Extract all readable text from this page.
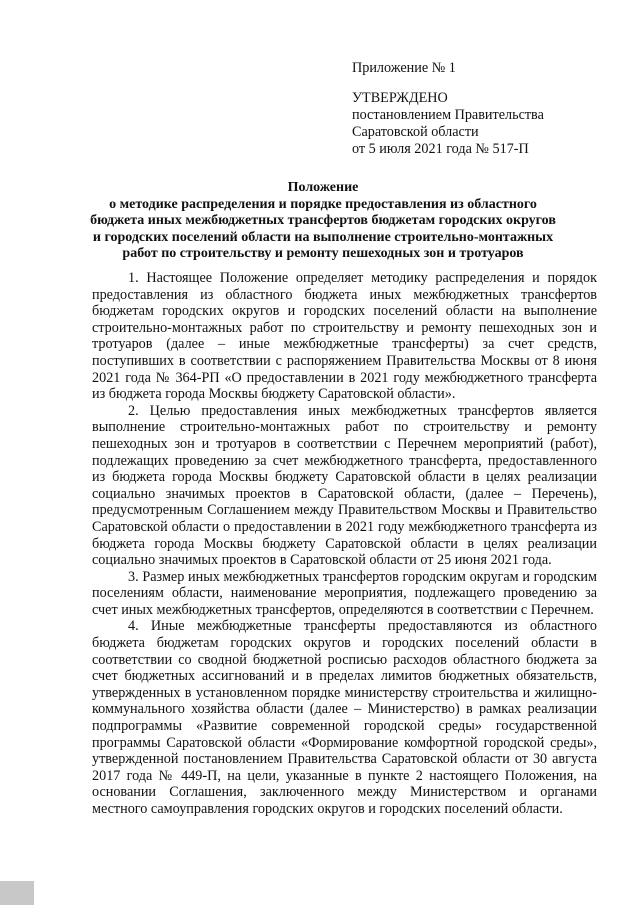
Приложение № 1
УТВЕРЖДЕНО
постановлением Правительства
Саратовской области
от 5 июля 2021 года № 517-П
Положение
о методике распределения и порядке предоставления из областного
бюджета иных межбюджетных трансфертов бюджетам городских округов
и городских поселений области на выполнение строительно-монтажных
работ по строительству и ремонту пешеходных зон и тротуаров

1. Настоящее Положение определяет методику распределения и порядок предоставления из областного бюджета иных межбюджетных трансфертов бюджетам городских округов и городских поселений области на выполнение строительно-монтажных работ по строительству и ремонту пешеходных зон и тротуаров (далее – иные межбюджетные трансферты) за счет средств, поступивших в соответствии с распоряжением Правительства Москвы от 8 июня 2021 года № 364-РП «О предоставлении в 2021 году межбюджетного трансферта из бюджета города Москвы бюджету Саратовской области».

2. Целью предоставления иных межбюджетных трансфертов является выполнение строительно-монтажных работ по строительству и ремонту пешеходных зон и тротуаров в соответствии с Перечнем мероприятий (работ), подлежащих проведению за счет межбюджетного трансферта, предоставленного из бюджета города Москвы бюджету Саратовской области в целях реализации социально значимых проектов в Саратовской области, (далее – Перечень), предусмотренным Соглашением между Правительством Москвы и Правительство Саратовской области о предоставлении в 2021 году межбюджетного трансферта из бюджета города Москвы бюджету Саратовской области в целях реализации социально значимых проектов в Саратовской области от 25 июня 2021 года.

3. Размер иных межбюджетных трансфертов городским округам и городским поселениям области, наименование мероприятия, подлежащего проведению за счет иных межбюджетных трансфертов, определяются в соответствии с Перечнем.

4. Иные межбюджетные трансферты предоставляются из областного бюджета бюджетам городских округов и городских поселений области в соответствии со сводной бюджетной росписью расходов областного бюджета за счет бюджетных ассигнований и в пределах лимитов бюджетных обязательств, утвержденных в установленном порядке министерству строительства и жилищно-коммунального хозяйства области (далее – Министерство) в рамках реализации подпрограммы «Развитие современной городской среды» государственной программы Саратовской области «Формирование комфортной городской среды», утвержденной постановлением Правительства Саратовской области от 30 августа 2017 года № 449-П, на цели, указанные в пункте 2 настоящего Положения, на основании Соглашения, заключенного между Министерством и органами местного самоуправления городских округов и городских поселений области.
